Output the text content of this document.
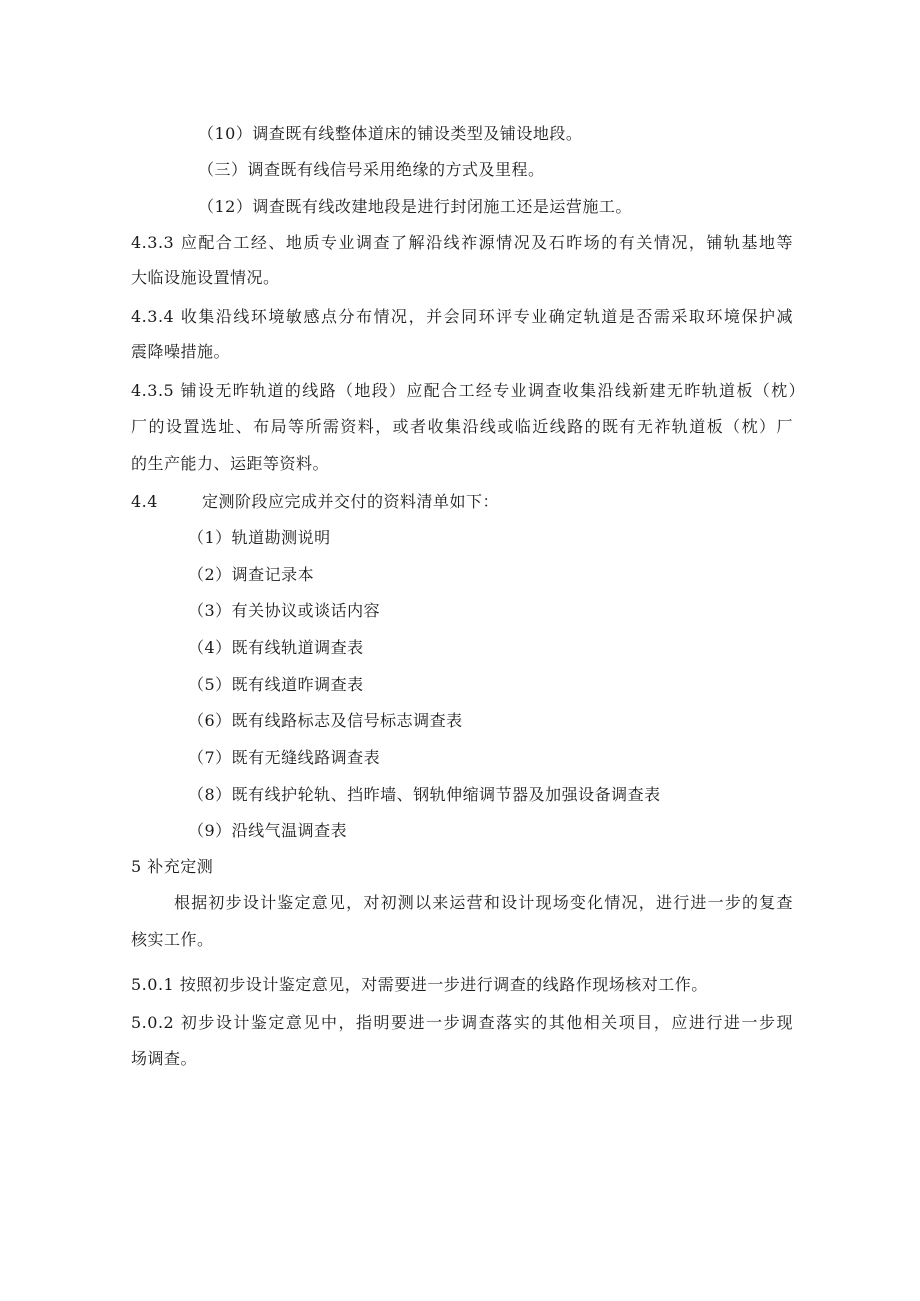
（10）调查既有线整体道床的铺设类型及铺设地段。
（三）调查既有线信号采用绝缘的方式及里程。
（12）调查既有线改建地段是进行封闭施工还是运营施工。
4.3.3 应配合工经、地质专业调查了解沿线祚源情况及石昨场的有关情况，铺轨基地等
大临设施设置情况。
4.3.4 收集沿线环境敏感点分布情况，并会同环评专业确定轨道是否需采取环境保护减
震降噪措施。
4.3.5 铺设无昨轨道的线路（地段）应配合工经专业调查收集沿线新建无昨轨道板（枕）
厂的设置选址、布局等所需资料，或者收集沿线或临近线路的既有无祚轨道板（枕）厂
的生产能力、运距等资料。
4.4	定测阶段应完成并交付的资料清单如下：
（1）轨道勘测说明
（2）调查记录本
（3）有关协议或谈话内容
（4）既有线轨道调查表
（5）既有线道昨调查表
（6）既有线路标志及信号标志调查表
（7）既有无缝线路调查表
（8）既有线护轮轨、挡昨墙、钢轨伸缩调节器及加强设备调查表
（9）沿线气温调查表
5 补充定测
根据初步设计鉴定意见，对初测以来运营和设计现场变化情况，进行进一步的复查
核实工作。
5.0.1 按照初步设计鉴定意见，对需要进一步进行调查的线路作现场核对工作。
5.0.2 初步设计鉴定意见中，指明要进一步调查落实的其他相关项目，应进行进一步现
场调查。
